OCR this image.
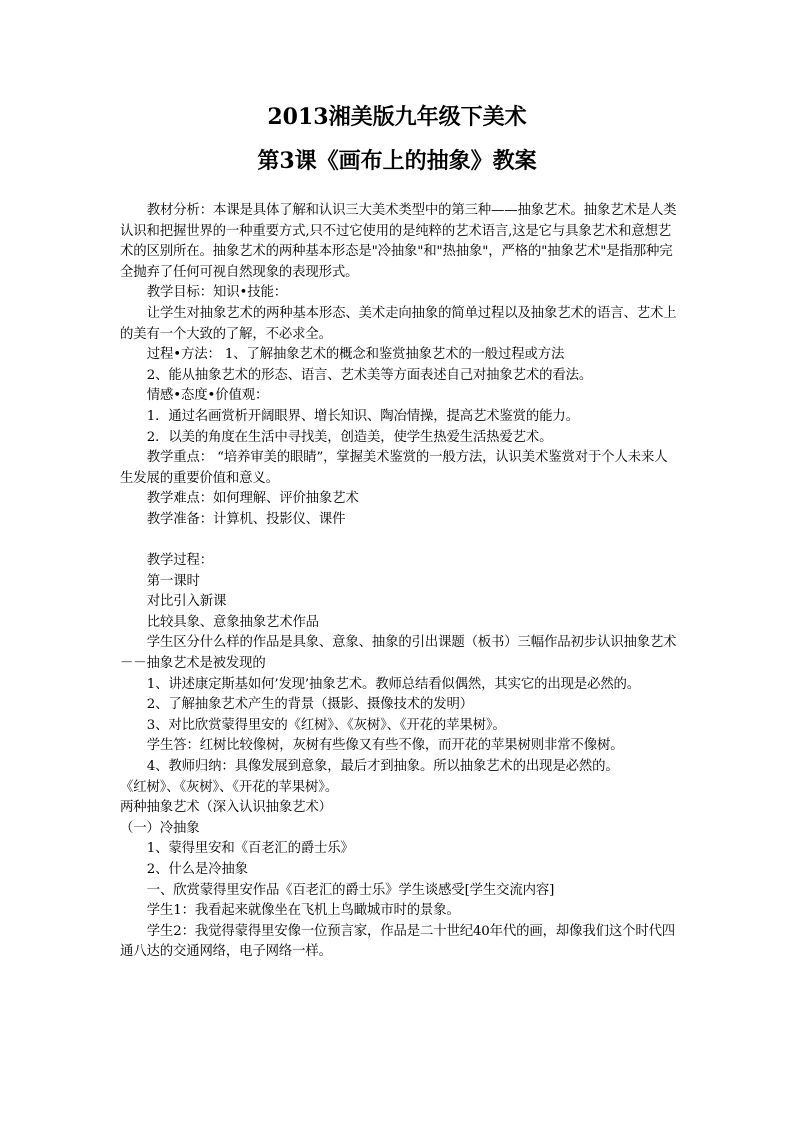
2013湘美版九年级下美术
第3课《画布上的抽象》教案

教材分析：本课是具体了解和认识三大美术类型中的第三种——抽象艺术。抽象艺术是人类认识和把握世界的一种重要方式,只不过它使用的是纯粹的艺术语言,这是它与具象艺术和意想艺术的区别所在。抽象艺术的两种基本形态是"冷抽象"和"热抽象"，严格的"抽象艺术"是指那种完全抛弃了任何可视自然现象的表现形式。

教学目标：知识•技能：

让学生对抽象艺术的两种基本形态、美术走向抽象的简单过程以及抽象艺术的语言、艺术上的美有一个大致的了解，不必求全。

过程•方法： 1、了解抽象艺术的概念和鉴赏抽象艺术的一般过程或方法

2、能从抽象艺术的形态、语言、艺术美等方面表述自己对抽象艺术的看法。

情感•态度•价值观：

1．通过名画赏析开阔眼界、增长知识、陶冶情操，提高艺术鉴赏的能力。

2．以美的角度在生活中寻找美，创造美，使学生热爱生活热爱艺术。

教学重点： “培养审美的眼睛”，掌握美术鉴赏的一般方法，认识美术鉴赏对于个人未来人生发展的重要价值和意义。

教学难点：如何理解、评价抽象艺术

教学准备：计算机、投影仪、课件

教学过程：

第一课时

对比引入新课

比较具象、意象抽象艺术作品

学生区分什么样的作品是具象、意象、抽象的引出课题（板书）三幅作品初步认识抽象艺术－－抽象艺术是被发现的

1、讲述康定斯基如何’发现’抽象艺术。教师总结看似偶然，其实它的出现是必然的。

2、了解抽象艺术产生的背景（摄影、摄像技术的发明）

3、对比欣赏蒙得里安的《红树》、《灰树》、《开花的苹果树》。

学生答：红树比较像树，灰树有些像又有些不像，而开花的苹果树则非常不像树。

4、教师归纳：具像发展到意象，最后才到抽象。所以抽象艺术的出现是必然的。

《红树》、《灰树》、《开花的苹果树》。

两种抽象艺术（深入认识抽象艺术）

（一）冷抽象

1、蒙得里安和《百老汇的爵士乐》

2、什么是冷抽象

一、欣赏蒙得里安作品《百老汇的爵士乐》学生谈感受[学生交流内容]

学生1：我看起来就像坐在飞机上鸟瞰城市时的景象。

学生2：我觉得蒙得里安像一位预言家，作品是二十世纪40年代的画，却像我们这个时代四通八达的交通网络，电子网络一样。
